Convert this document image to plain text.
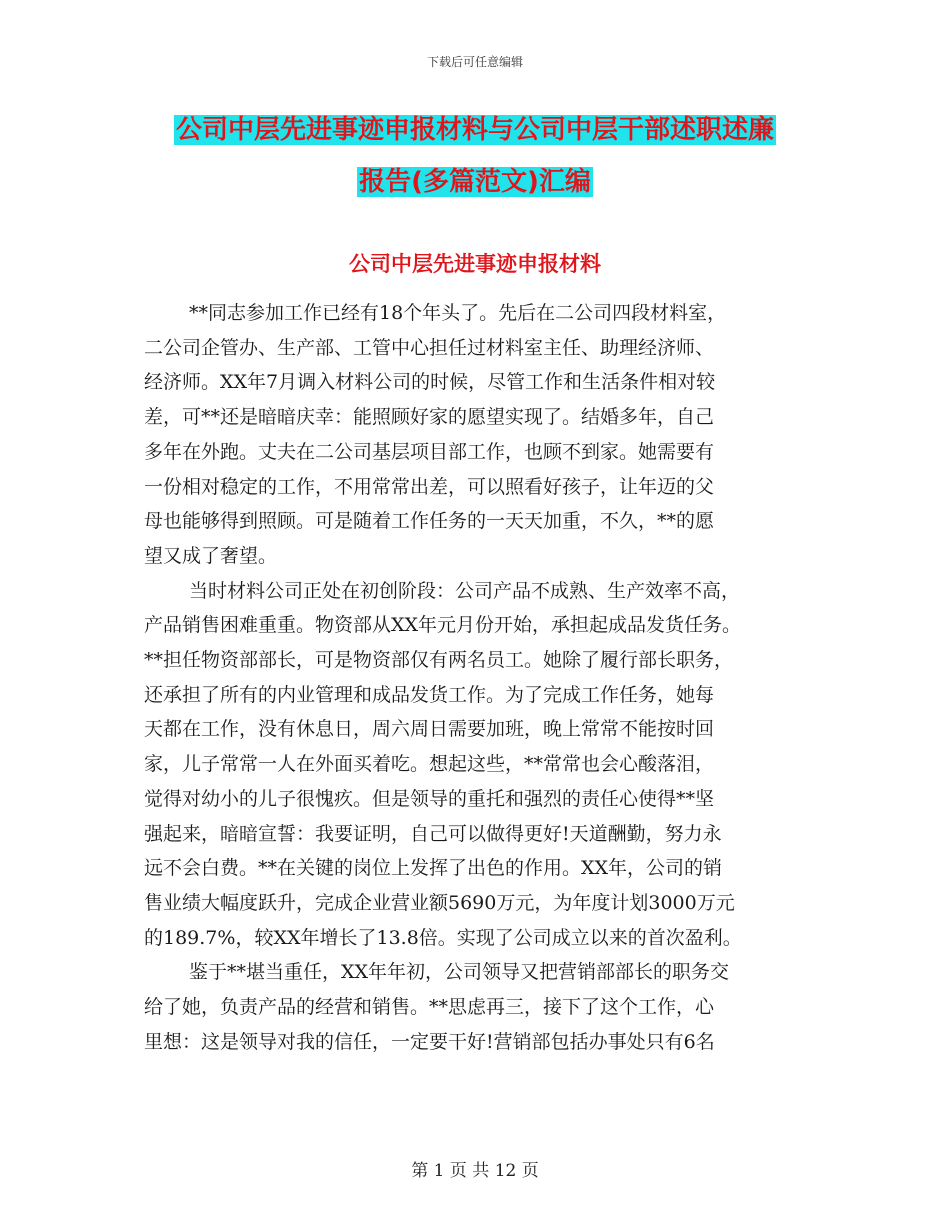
下载后可任意编辑
公司中层先进事迹申报材料与公司中层干部述职述廉
报告(多篇范文)汇编
公司中层先进事迹申报材料
**同志参加工作已经有18个年头了。先后在二公司四段材料室，
二公司企管办、生产部、工管中心担任过材料室主任、助理经济师、
经济师。XX年7月调入材料公司的时候，尽管工作和生活条件相对较
差，可**还是暗暗庆幸：能照顾好家的愿望实现了。结婚多年，自己
多年在外跑。丈夫在二公司基层项目部工作，也顾不到家。她需要有
一份相对稳定的工作，不用常常出差，可以照看好孩子，让年迈的父
母也能够得到照顾。可是随着工作任务的一天天加重，不久，**的愿
望又成了奢望。
当时材料公司正处在初创阶段：公司产品不成熟、生产效率不高，
产品销售困难重重。物资部从XX年元月份开始，承担起成品发货任务。
**担任物资部部长，可是物资部仅有两名员工。她除了履行部长职务，
还承担了所有的内业管理和成品发货工作。为了完成工作任务，她每
天都在工作，没有休息日，周六周日需要加班，晚上常常不能按时回
家，儿子常常一人在外面买着吃。想起这些，**常常也会心酸落泪，
觉得对幼小的儿子很愧疚。但是领导的重托和强烈的责任心使得**坚
强起来，暗暗宣誓：我要证明，自己可以做得更好!天道酬勤，努力永
远不会白费。**在关键的岗位上发挥了出色的作用。XX年，公司的销
售业绩大幅度跃升，完成企业营业额5690万元，为年度计划3000万元
的189.7%，较XX年增长了13.8倍。实现了公司成立以来的首次盈利。
鉴于**堪当重任，XX年年初，公司领导又把营销部部长的职务交
给了她，负责产品的经营和销售。**思虑再三，接下了这个工作，心
里想：这是领导对我的信任，一定要干好!营销部包括办事处只有6名
第 1 页 共 12 页
